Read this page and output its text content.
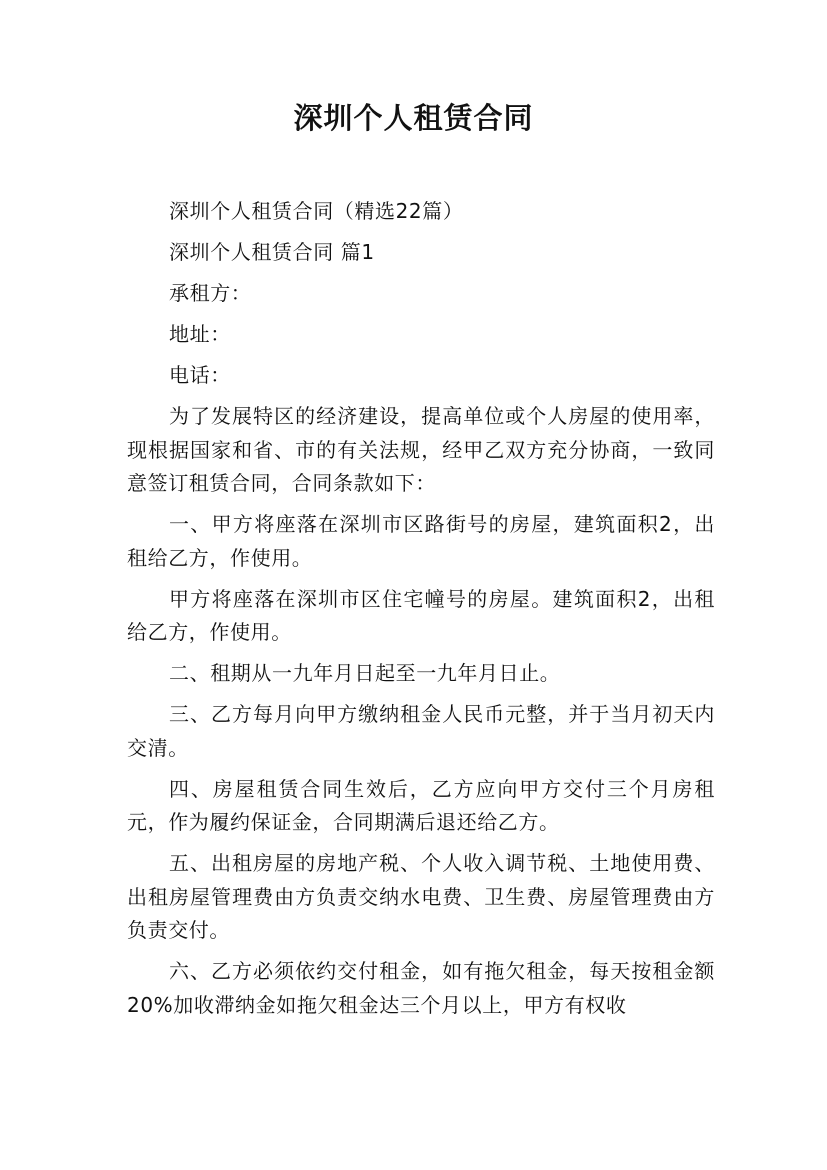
深圳个人租赁合同

深圳个人租赁合同（精选22篇）

深圳个人租赁合同 篇1

承租方：

地址：

电话：

为了发展特区的经济建设，提高单位或个人房屋的使用率，现根据国家和省、市的有关法规，经甲乙双方充分协商，一致同意签订租赁合同，合同条款如下：

一、甲方将座落在深圳市区路街号的房屋，建筑面积2，出租给乙方，作使用。

甲方将座落在深圳市区住宅幢号的房屋。建筑面积2，出租给乙方，作使用。

二、租期从一九年月日起至一九年月日止。

三、乙方每月向甲方缴纳租金人民币元整，并于当月初天内交清。

四、房屋租赁合同生效后，乙方应向甲方交付三个月房租元，作为履约保证金，合同期满后退还给乙方。

五、出租房屋的房地产税、个人收入调节税、土地使用费、出租房屋管理费由方负责交纳水电费、卫生费、房屋管理费由方负责交付。

六、乙方必须依约交付租金，如有拖欠租金，每天按租金额20%加收滞纳金如拖欠租金达三个月以上，甲方有权收
